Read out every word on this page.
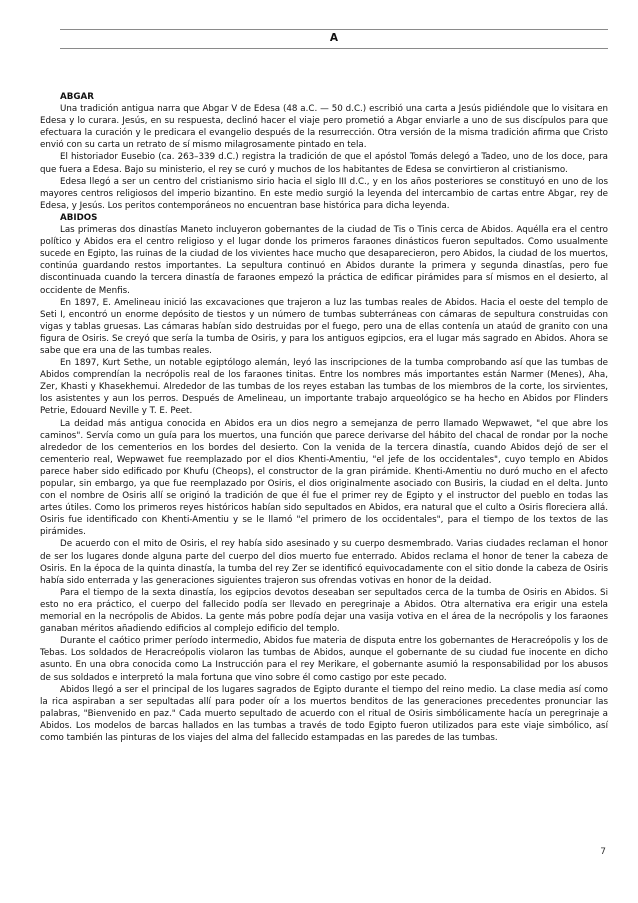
A
ABGAR

Una tradición antigua narra que Abgar V de Edesa (48 a.C. — 50 d.C.) escribió una carta a Jesús pidiéndole que lo visitara en Edesa y lo curara. Jesús, en su respuesta, declinó hacer el viaje pero prometió a Abgar enviarle a uno de sus discípulos para que efectuara la curación y le predicara el evangelio después de la resurrección. Otra versión de la misma tradición afirma que Cristo envió con su carta un retrato de sí mismo milagrosamente pintado en tela.

El historiador Eusebio (ca. 263–339 d.C.) registra la tradición de que el apóstol Tomás delegó a Tadeo, uno de los doce, para que fuera a Edesa. Bajo su ministerio, el rey se curó y muchos de los habitantes de Edesa se convirtieron al cristianismo.

Edesa llegó a ser un centro del cristianismo sirio hacia el siglo III d.C., y en los años posteriores se constituyó en uno de los mayores centros religiosos del imperio bizantino. En este medio surgió la leyenda del intercambio de cartas entre Abgar, rey de Edesa, y Jesús. Los peritos contemporáneos no encuentran base histórica para dicha leyenda.

ABIDOS

Las primeras dos dinastías Maneto incluyeron gobernantes de la ciudad de Tis o Tinis cerca de Abidos. Aquélla era el centro político y Abidos era el centro religioso y el lugar donde los primeros faraones dinásticos fueron sepultados. Como usualmente sucede en Egipto, las ruinas de la ciudad de los vivientes hace mucho que desaparecieron, pero Abidos, la ciudad de los muertos, continúa guardando restos importantes. La sepultura continuó en Abidos durante la primera y segunda dinastías, pero fue discontinuada cuando la tercera dinastía de faraones empezó la práctica de edificar pirámides para sí mismos en el desierto, al occidente de Menfis.

En 1897, E. Amelineau inició las excavaciones que trajeron a luz las tumbas reales de Abidos. Hacia el oeste del templo de Seti I, encontró un enorme depósito de tiestos y un número de tumbas subterráneas con cámaras de sepultura construidas con vigas y tablas gruesas. Las cámaras habían sido destruidas por el fuego, pero una de ellas contenía un ataúd de granito con una figura de Osiris. Se creyó que sería la tumba de Osiris, y para los antiguos egipcios, era el lugar más sagrado en Abidos. Ahora se sabe que era una de las tumbas reales.

En 1897, Kurt Sethe, un notable egiptólogo alemán, leyó las inscripciones de la tumba comprobando así que las tumbas de Abidos comprendían la necrópolis real de los faraones tinitas. Entre los nombres más importantes están Narmer (Menes), Aha, Zer, Khasti y Khasekhemui. Alrededor de las tumbas de los reyes estaban las tumbas de los miembros de la corte, los sirvientes, los asistentes y aun los perros. Después de Amelineau, un importante trabajo arqueológico se ha hecho en Abidos por Flinders Petrie, Edouard Neville y T. E. Peet.

La deidad más antigua conocida en Abidos era un dios negro a semejanza de perro llamado Wepwawet, "el que abre los caminos". Servía como un guía para los muertos, una función que parece derivarse del hábito del chacal de rondar por la noche alrededor de los cementerios en los bordes del desierto. Con la venida de la tercera dinastía, cuando Abidos dejó de ser el cementerio real, Wepwawet fue reemplazado por el dios Khenti-Amentiu, "el jefe de los occidentales", cuyo templo en Abidos parece haber sido edificado por Khufu (Cheops), el constructor de la gran pirámide. Khenti-Amentiu no duró mucho en el afecto popular, sin embargo, ya que fue reemplazado por Osiris, el dios originalmente asociado con Busiris, la ciudad en el delta. Junto con el nombre de Osiris allí se originó la tradición de que él fue el primer rey de Egipto y el instructor del pueblo en todas las artes útiles. Como los primeros reyes históricos habían sido sepultados en Abidos, era natural que el culto a Osiris floreciera allá. Osiris fue identificado con Khenti-Amentiu y se le llamó "el primero de los occidentales", para el tiempo de los textos de las pirámides.

De acuerdo con el mito de Osiris, el rey había sido asesinado y su cuerpo desmembrado. Varias ciudades reclaman el honor de ser los lugares donde alguna parte del cuerpo del dios muerto fue enterrado. Abidos reclama el honor de tener la cabeza de Osiris. En la época de la quinta dinastía, la tumba del rey Zer se identificó equivocadamente con el sitio donde la cabeza de Osiris había sido enterrada y las generaciones siguientes trajeron sus ofrendas votivas en honor de la deidad.

Para el tiempo de la sexta dinastía, los egipcios devotos deseaban ser sepultados cerca de la tumba de Osiris en Abidos. Si esto no era práctico, el cuerpo del fallecido podía ser llevado en peregrinaje a Abidos. Otra alternativa era erigir una estela memorial en la necrópolis de Abidos. La gente más pobre podía dejar una vasija votiva en el área de la necrópolis y los faraones ganaban méritos añadiendo edificios al complejo edificio del templo.

Durante el caótico primer período intermedio, Abidos fue materia de disputa entre los gobernantes de Heracreópolis y los de Tebas. Los soldados de Heracreópolis violaron las tumbas de Abidos, aunque el gobernante de su ciudad fue inocente en dicho asunto. En una obra conocida como La Instrucción para el rey Merikare, el gobernante asumió la responsabilidad por los abusos de sus soldados e interpretó la mala fortuna que vino sobre él como castigo por este pecado.

Abidos llegó a ser el principal de los lugares sagrados de Egipto durante el tiempo del reino medio. La clase media así como la rica aspiraban a ser sepultadas allí para poder oír a los muertos benditos de las generaciones precedentes pronunciar las palabras, "Bienvenido en paz." Cada muerto sepultado de acuerdo con el ritual de Osiris simbólicamente hacía un peregrinaje a Abidos. Los modelos de barcas hallados en las tumbas a través de todo Egipto fueron utilizados para este viaje simbólico, así como también las pinturas de los viajes del alma del fallecido estampadas en las paredes de las tumbas.

7
